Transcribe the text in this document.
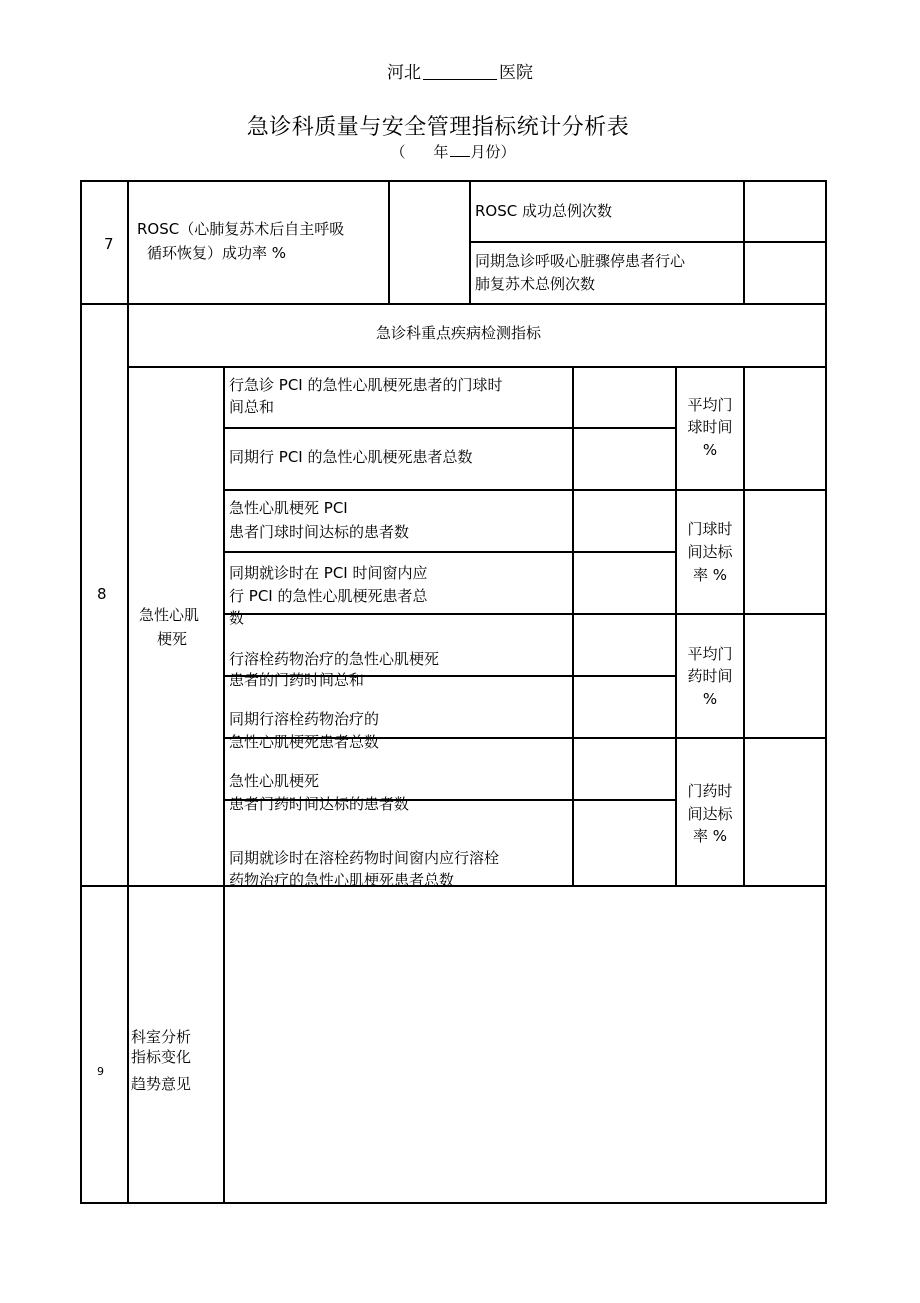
河北	医院
急诊科质量与安全管理指标统计分析表
（ 年 月份）
7
ROSC（心肺复苏术后自主呼吸
循环恢复）成功率 %
ROSC 成功总例次数
同期急诊呼吸心脏骤停患者行心
肺复苏术总例次数
急诊科重点疾病检测指标
8
急性心肌
梗死
行急诊 PCI 的急性心肌梗死患者的门球时
间总和
同期行 PCI 的急性心肌梗死患者总数
急性心肌梗死 PCI
患者门球时间达标的患者数
同期就诊时在 PCI 时间窗内应
行 PCI 的急性心肌梗死患者总
数
行溶栓药物治疗的急性心肌梗死
患者的门药时间总和
同期行溶栓药物治疗的
急性心肌梗死患者总数
急性心肌梗死
患者门药时间达标的患者数
同期就诊时在溶栓药物时间窗内应行溶栓
药物治疗的急性心肌梗死患者总数
平均门
球时间
%
门球时
间达标
率 %
平均门
药时间
%
门药时
间达标
率 %
9
科室分析
指标变化
趋势意见
